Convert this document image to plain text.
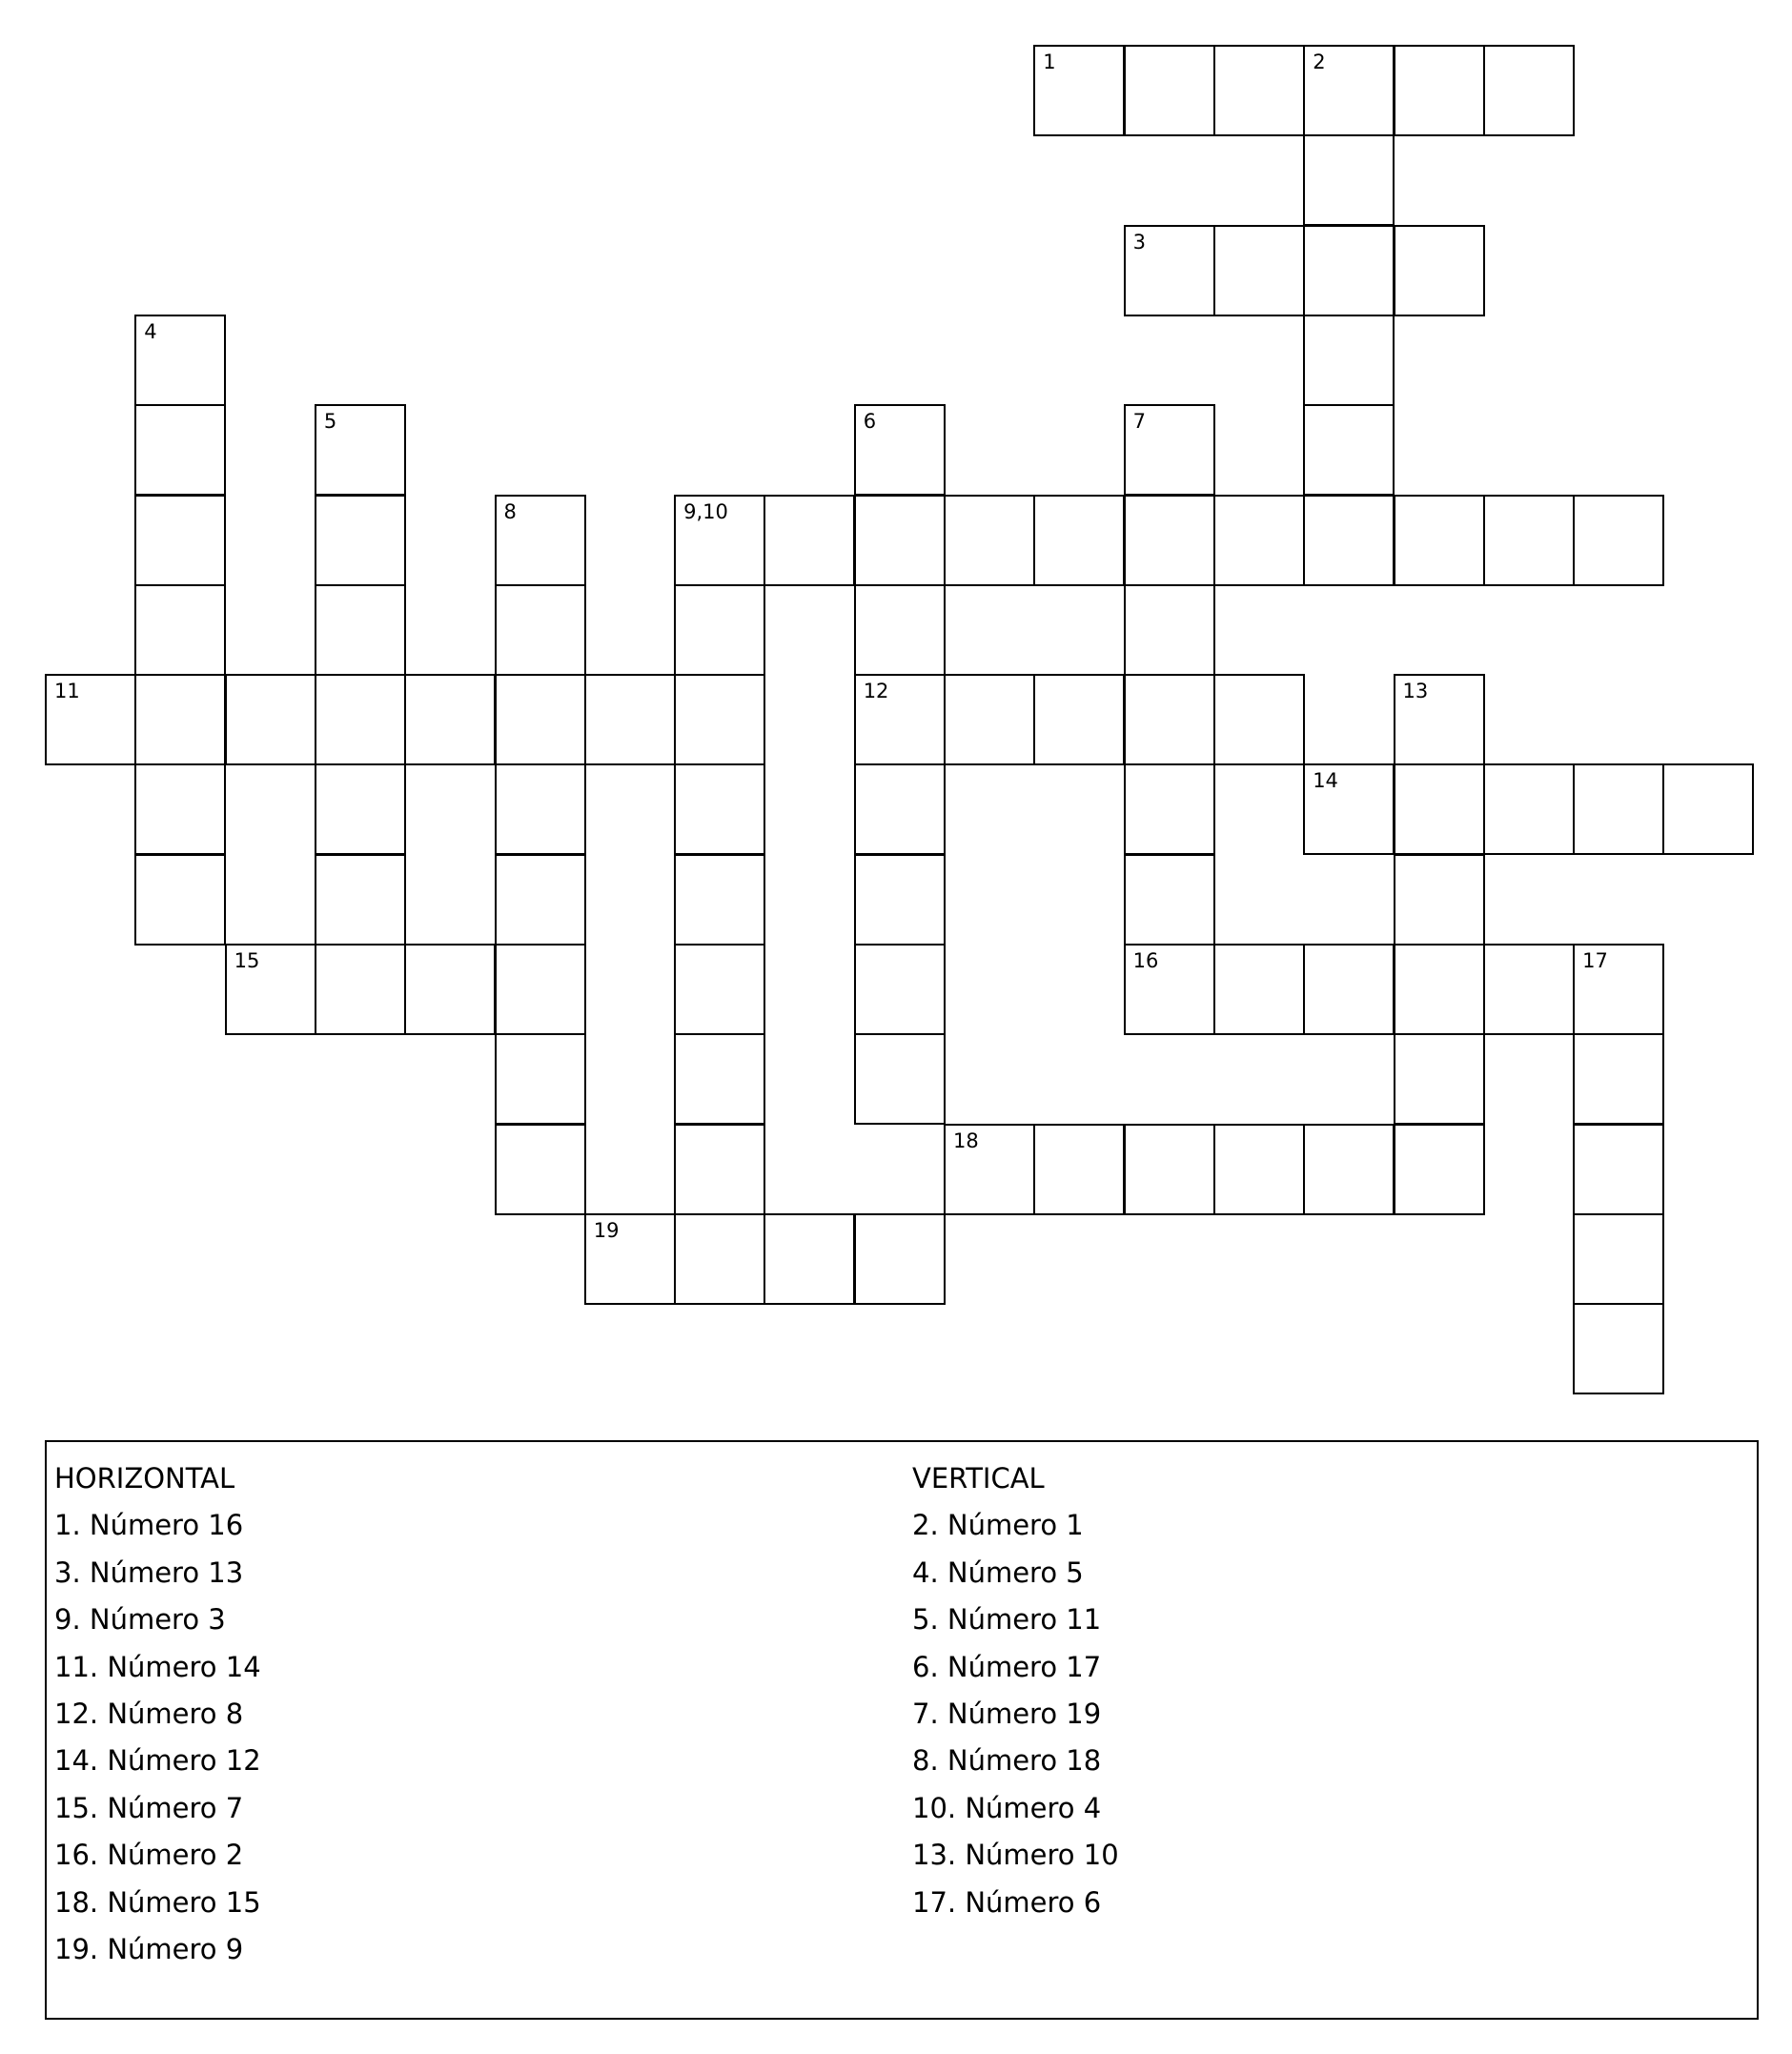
1	2
3
4
5	6	7
8	9,10
11	12	13
14
15	16	17
18
19
HORIZONTAL
1. Número 16
3. Número 13
9. Número 3
11. Número 14
12. Número 8
14. Número 12
15. Número 7
16. Número 2
18. Número 15
19. Número 9
VERTICAL
2. Número 1
4. Número 5
5. Número 11
6. Número 17
7. Número 19
8. Número 18
10. Número 4
13. Número 10
17. Número 6
